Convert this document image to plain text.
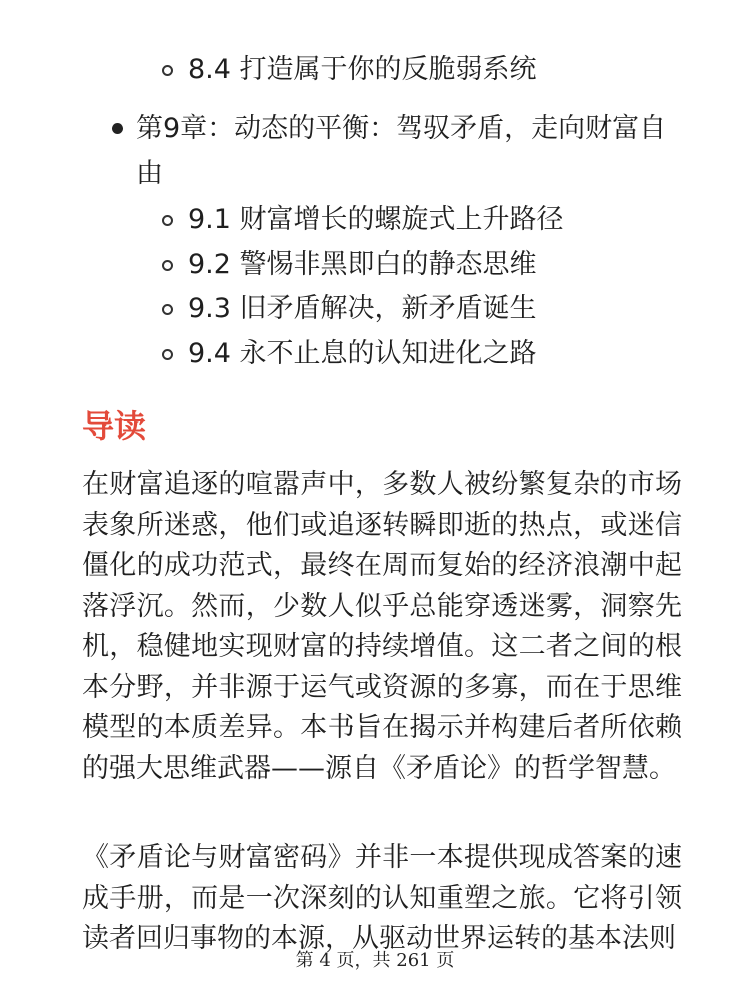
8.4 打造属于你的反脆弱系统
第9章：动态的平衡：驾驭矛盾，走向财富自由
9.1 财富增长的螺旋式上升路径
9.2 警惕非黑即白的静态思维
9.3 旧矛盾解决，新矛盾诞生
9.4 永不止息的认知进化之路
导读

在财富追逐的喧嚣声中，多数人被纷繁复杂的市场表象所迷惑，他们或追逐转瞬即逝的热点，或迷信僵化的成功范式，最终在周而复始的经济浪潮中起落浮沉。然而，少数人似乎总能穿透迷雾，洞察先机，稳健地实现财富的持续增值。这二者之间的根本分野，并非源于运气或资源的多寡，而在于思维模型的本质差异。本书旨在揭示并构建后者所依赖的强大思维武器——源自《矛盾论》的哲学智慧。

《矛盾论与财富密码》并非一本提供现成答案的速成手册，而是一次深刻的认知重塑之旅。它将引领读者回归事物的本源，从驱动世界运转的基本法则

第 4 页，共 261 页
